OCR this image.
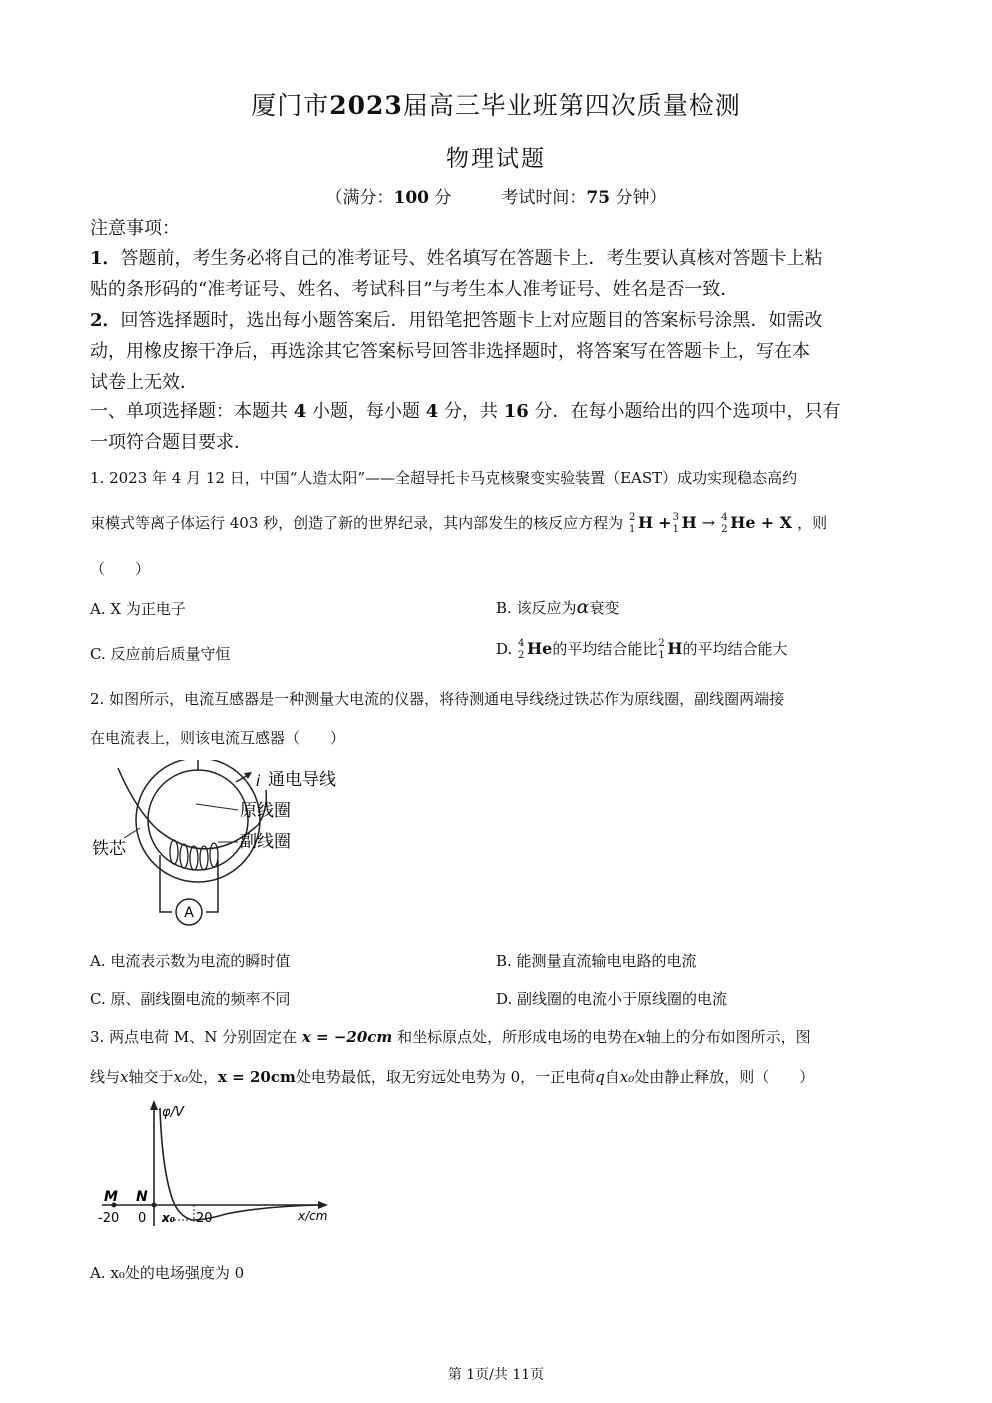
厦门市2023届高三毕业班第四次质量检测
物理试题
（满分：100 分	考试时间：75 分钟）
注意事项：
1．答题前，考生务必将自己的准考证号、姓名填写在答题卡上．考生要认真核对答题卡上粘
贴的条形码的“准考证号、姓名、考试科目”与考生本人准考证号、姓名是否一致．
2．回答选择题时，选出每小题答案后．用铅笔把答题卡上对应题目的答案标号涂黑．如需改
动，用橡皮擦干净后，再选涂其它答案标号回答非选择题时，将答案写在答题卡上，写在本
试卷上无效．
一、单项选择题：本题共 4 小题，每小题 4 分，共 16 分．在每小题给出的四个选项中，只有
一项符合题目要求．
1. 2023 年 4 月 12 日，中国“人造太阳”——全超导托卡马克核聚变实验装置（EAST）成功实现稳态高约
束模式等离子体运行 403 秒，创造了新的世界纪录，其内部发生的核反应方程为 2
1 H + 3
1 H → 4
2 He + X ，则
（　　）
A. X 为正电子	B. 该反应为α衰变
C. 反应前后质量守恒	D. 4
2 He的平均结合能比 2
1 H的平均结合能大
2. 如图所示，电流互感器是一种测量大电流的仪器，将待测通电导线绕过铁芯作为原线圈，副线圈两端接
在电流表上，则该电流互感器（　　）
A
i 通电导线
原线圈
副线圈
铁芯
A. 电流表示数为电流的瞬时值	B. 能测量直流输电电路的电流
C. 原、副线圈电流的频率不同	D. 副线圈的电流小于原线圈的电流
3. 两点电荷 M、N 分别固定在 x = −20cm 和坐标原点处，所形成电场的电势在x轴上的分布如图所示，图
线与x轴交于x₀处，x = 20cm处电势最低，取无穷远处电势为 0，一正电荷q自x₀处由静止释放，则（　　）
φ/V
x/cm
M N
-20 0 x₀ 20
A. x₀处的电场强度为 0
第 1页/共 11页
